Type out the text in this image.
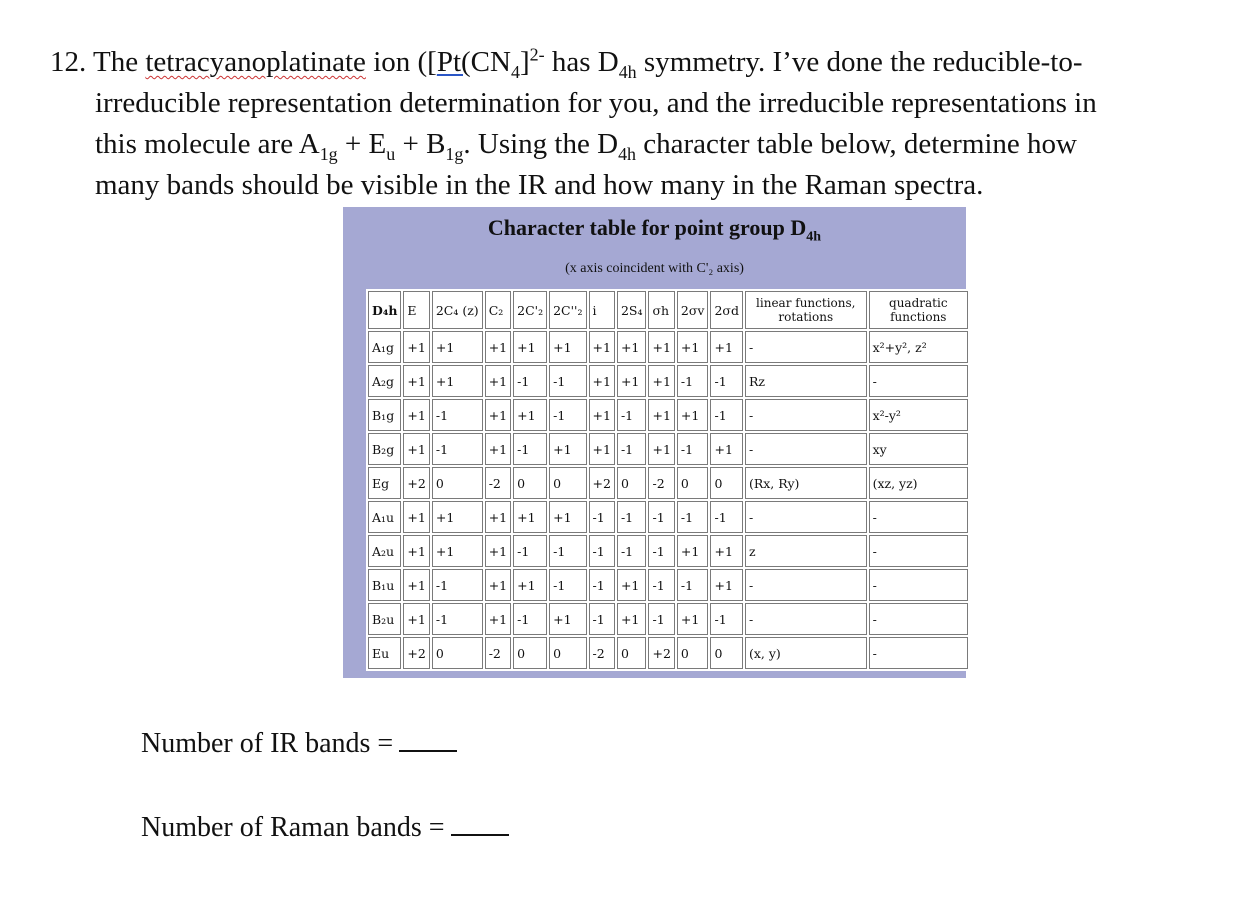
12. The tetracyanoplatinate ion ([$Pt(CN_4]^{2-}$ has $D_{4h}$ symmetry. I’ve done the reducible-to-
irreducible representation determination for you, and the irreducible representations in
this molecule are $A_{1g} + E_u + B_{1g}$. Using the $D_{4h}$ character table below, determine how
many bands should be visible in the IR and how many in the Raman spectra.
Character table for point group $D_{4h}$
(x axis coincident with C'₂ axis)
D₄h	E	2C₄ (z)	C₂	2C'₂	2C''₂	i	2S₄	σh	2σv	2σd	linear functions, rotations	quadratic functions
A₁g	+1	+1	+1	+1	+1	+1	+1	+1	+1	+1	-	x²+y², z²
A₂g	+1	+1	+1	-1	-1	+1	+1	+1	-1	-1	Rz	-
B₁g	+1	-1	+1	+1	-1	+1	-1	+1	+1	-1	-	x²-y²
B₂g	+1	-1	+1	-1	+1	+1	-1	+1	-1	+1	-	xy
Eg	+2	0	-2	0	0	+2	0	-2	0	0	(Rx, Ry)	(xz, yz)
A₁u	+1	+1	+1	+1	+1	-1	-1	-1	-1	-1	-	-
A₂u	+1	+1	+1	-1	-1	-1	-1	-1	+1	+1	z	-
B₁u	+1	-1	+1	+1	-1	-1	+1	-1	-1	+1	-	-
B₂u	+1	-1	+1	-1	+1	-1	+1	-1	+1	-1	-	-
Eu	+2	0	-2	0	0	-2	0	+2	0	0	(x, y)	-
Number of IR bands =
Number of Raman bands =
